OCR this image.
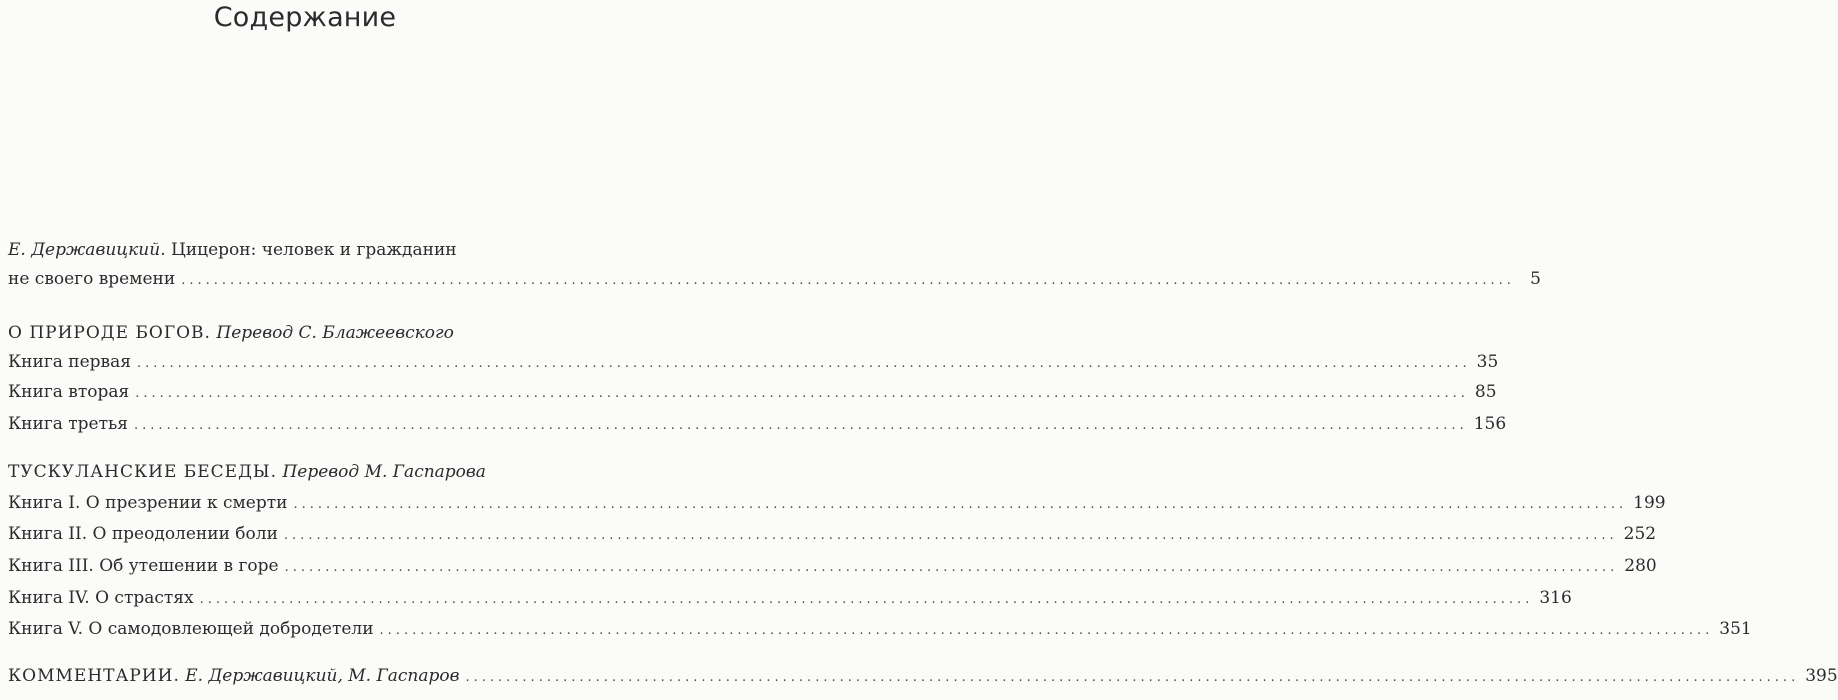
Содержание
Е. Державицкий.
Цицерон: человек и гражданин
не своего времени .....	5
О ПРИРОДЕ БОГОВ.
Перевод С. Блажеевского
Книга первая .....	35
Книга вторая .....	85
Книга третья .....	156
ТУСКУЛАНСКИЕ БЕСЕДЫ.
Перевод М. Гаспарова
Книга I. О презрении к смерти .....	199
Книга II. О преодолении боли .....	252
Книга III. Об утешении в горе .....	280
Книга IV. О страстях .....	316
Книга V. О самодовлеющей добродетели .....	351
КОММЕНТАРИИ.
Е. Державицкий, М. Гаспаров .....	395
